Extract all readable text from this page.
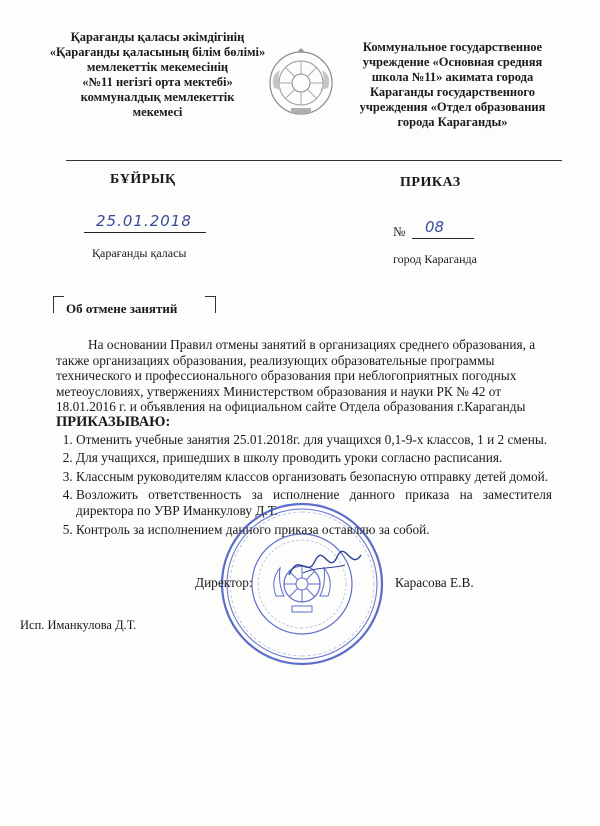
Қарағанды қаласы әкімдігінің
«Қарағанды қаласының білім бөлімі»
мемлекеттік мекемесінің
«№11 негізгі орта мектебі»
коммуналдық мемлекеттік
мекемесі
Коммунальное государственное
учреждение «Основная средняя
школа №11» акимата города
Караганды государственного
учреждения «Отдел образования
города Караганды»
БҰЙРЫҚ	ПРИКАЗ
25.01.2018
Қарағанды қаласы
№ 08
город Караганда
Об отмене занятий
На основании Правил отмены занятий в организациях среднего образования, а также организациях образования, реализующих образовательные программы технического и профессионального образования при неблогоприятных погодных метеоусловиях, утвержениях Министерством образования и науки РК № 42 от 18.01.2016 г. и объявления на официальном сайте Отдела образования г.Караганды
ПРИКАЗЫВАЮ:
1. Отменить учебные занятия 25.01.2018г. для учащихся 0,1-9-х классов, 1 и 2 смены.
2. Для учащихся, пришедших в школу проводить уроки согласно расписания.
3. Классным руководителям классов организовать безопасную отправку детей домой.
4. Возложить ответственность за исполнение данного приказа на заместителя директора по УВР Иманкулову Д.Т.
5. Контроль за исполнением данного приказа оставляю за собой.
Директор:	Карасова Е.В.
Исп. Иманкулова Д.Т.
